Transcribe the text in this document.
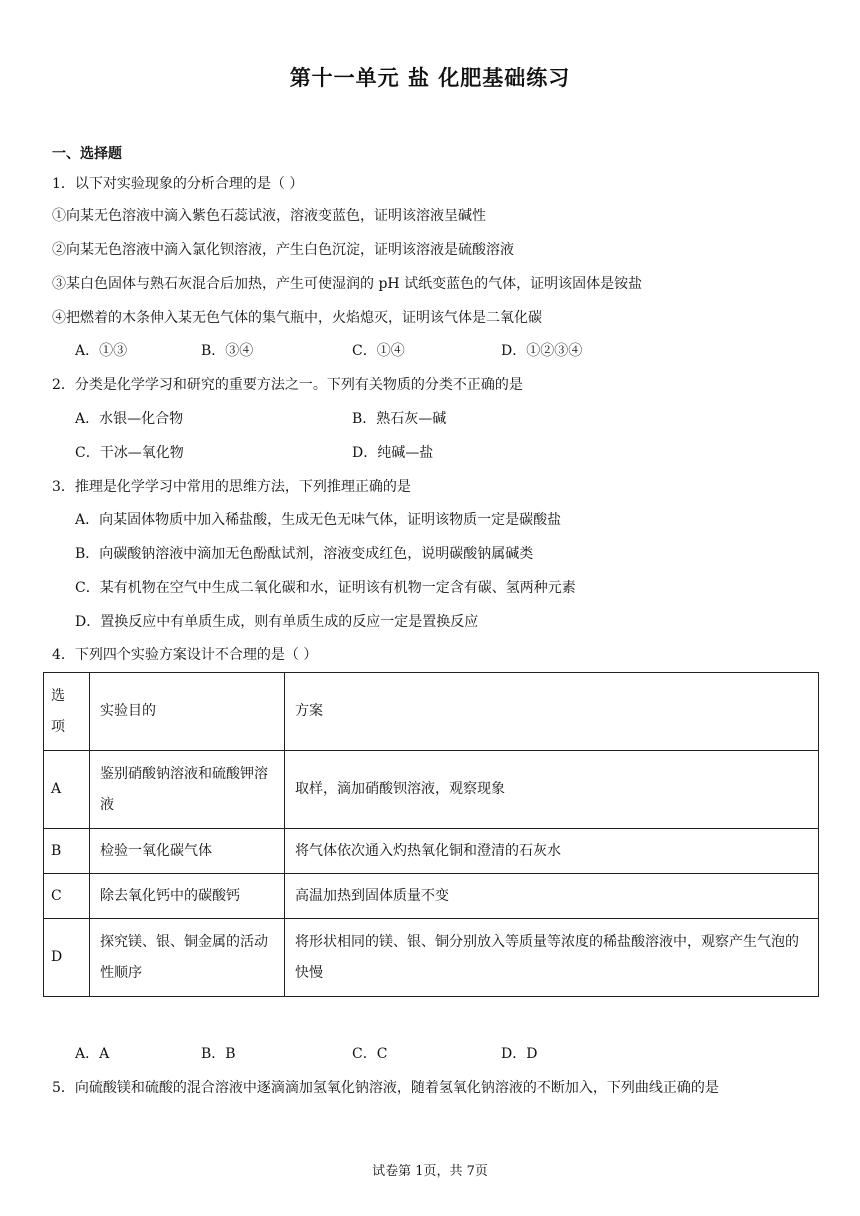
第十一单元 盐 化肥基础练习
一、选择题
1．以下对实验现象的分析合理的是（ ）
①向某无色溶液中滴入紫色石蕊试液，溶液变蓝色，证明该溶液呈碱性
②向某无色溶液中滴入氯化钡溶液，产生白色沉淀，证明该溶液是硫酸溶液
③某白色固体与熟石灰混合后加热，产生可使湿润的 pH 试纸变蓝色的气体，证明该固体是铵盐
④把燃着的木条伸入某无色气体的集气瓶中，火焰熄灭，证明该气体是二氧化碳
A．①③	B．③④	C．①④	D．①②③④
2．分类是化学学习和研究的重要方法之一。下列有关物质的分类不正确的是
A．水银—化合物	B．熟石灰—碱
C．干冰—氧化物	D．纯碱—盐
3．推理是化学学习中常用的思维方法，下列推理正确的是
A．向某固体物质中加入稀盐酸，生成无色无味气体，证明该物质一定是碳酸盐
B．向碳酸钠溶液中滴加无色酚酞试剂，溶液变成红色，说明碳酸钠属碱类
C．某有机物在空气中生成二氧化碳和水，证明该有机物一定含有碳、氢两种元素
D．置换反应中有单质生成，则有单质生成的反应一定是置换反应
4．下列四个实验方案设计不合理的是（ ）
选项	实验目的	方案
A	鉴别硝酸钠溶液和硫酸钾溶液	取样，滴加硝酸钡溶液，观察现象
B	检验一氧化碳气体	将气体依次通入灼热氧化铜和澄清的石灰水
C	除去氧化钙中的碳酸钙	高温加热到固体质量不变
D	探究镁、银、铜金属的活动性顺序	将形状相同的镁、银、铜分别放入等质量等浓度的稀盐酸溶液中，观察产生气泡的快慢
A．A	B．B	C．C	D．D
5．向硫酸镁和硫酸的混合溶液中逐滴滴加氢氧化钠溶液，随着氢氧化钠溶液的不断加入，下列曲线正确的是
试卷第 1页，共 7页
